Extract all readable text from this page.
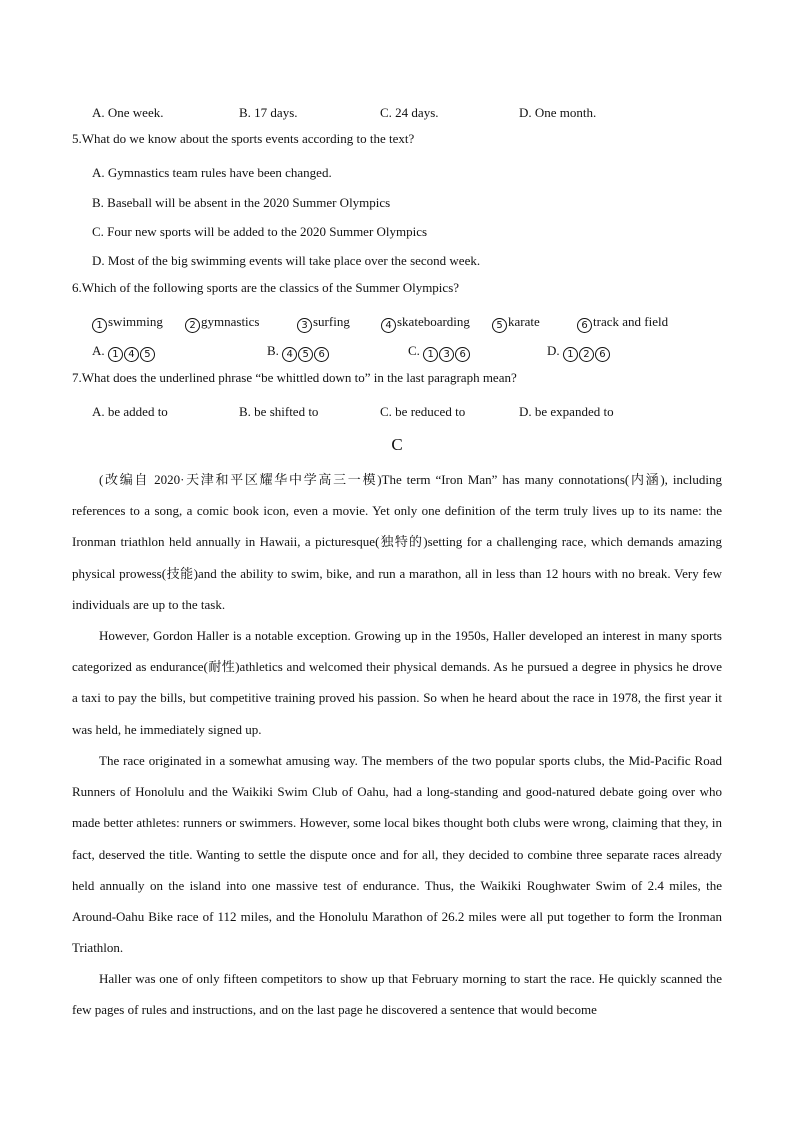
A. One week.	B. 17 days.	C. 24 days.	D. One month.
5.What do we know about the sports events according to the text?
A. Gymnastics team rules have been changed.
B. Baseball will be absent in the 2020 Summer Olympics
C. Four new sports will be added to the 2020 Summer Olympics
D. Most of the big swimming events will take place over the second week.
6.Which of the following sports are the classics of the Summer Olympics?
1 swimming	2 gymnastics	3 surfing	4 skateboarding	5 karate	6 track and field
A. 1 4 5	B. 4 5 6	C. 1 3 6	D. 1 2 6
7.What does the underlined phrase “be whittled down to” in the last paragraph mean?
A. be added to	B. be shifted to	C. be reduced to	D. be expanded to
C

(改编自 2020·天津和平区耀华中学高三一模)The term “Iron Man” has many connotations(内涵), including references to a song, a comic book icon, even a movie. Yet only one definition of the term truly lives up to its name: the Ironman triathlon held annually in Hawaii, a picturesque(独特的)setting for a challenging race, which demands amazing physical prowess(技能)and the ability to swim, bike, and run a marathon, all in less than 12 hours with no break. Very few individuals are up to the task.

However, Gordon Haller is a notable exception. Growing up in the 1950s, Haller developed an interest in many sports categorized as endurance(耐性)athletics and welcomed their physical demands. As he pursued a degree in physics he drove a taxi to pay the bills, but competitive training proved his passion. So when he heard about the race in 1978, the first year it was held, he immediately signed up.

The race originated in a somewhat amusing way. The members of the two popular sports clubs, the Mid-Pacific Road Runners of Honolulu and the Waikiki Swim Club of Oahu, had a long-standing and good-natured debate going over who made better athletes: runners or swimmers. However, some local bikes thought both clubs were wrong, claiming that they, in fact, deserved the title. Wanting to settle the dispute once and for all, they decided to combine three separate races already held annually on the island into one massive test of endurance. Thus, the Waikiki Roughwater Swim of 2.4 miles, the Around-Oahu Bike race of 112 miles, and the Honolulu Marathon of 26.2 miles were all put together to form the Ironman Triathlon.

Haller was one of only fifteen competitors to show up that February morning to start the race. He quickly scanned the few pages of rules and instructions, and on the last page he discovered a sentence that would become
